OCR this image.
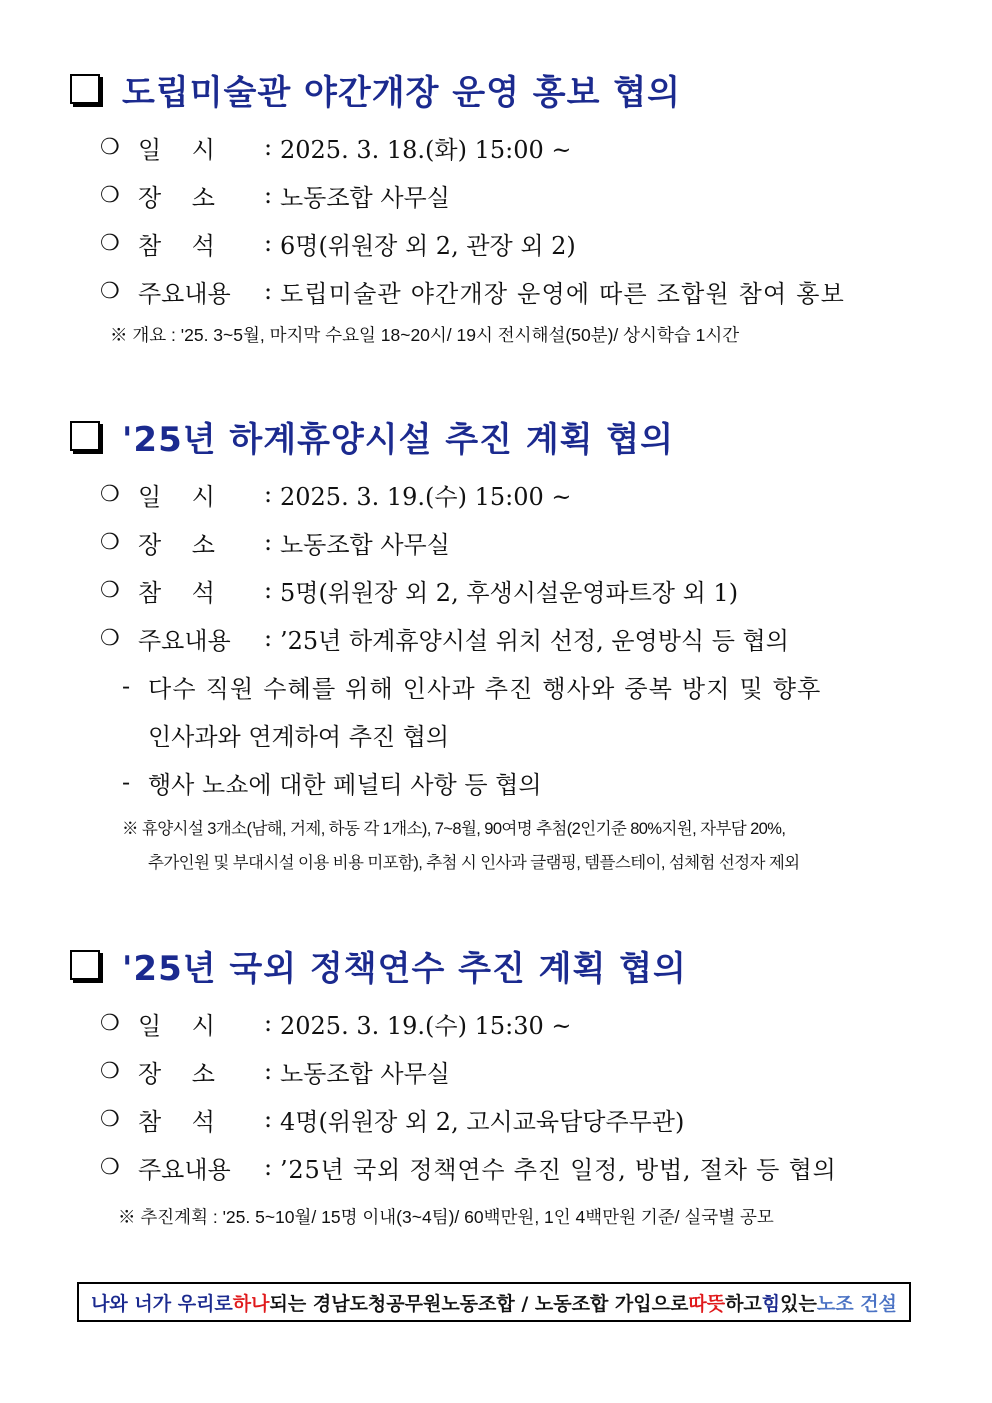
도립미술관 야간개장 운영 홍보 협의
❍ 일    시	: 2025. 3. 18.(화) 15:00 ~
❍ 장    소	: 노동조합 사무실
❍ 참    석	: 6명(위원장 외 2, 관장 외 2)
❍ 주요내용	: 도립미술관 야간개장 운영에 따른 조합원 참여 홍보
※ 개요 : '25. 3~5월, 마지막 수요일 18~20시/ 19시 전시해설(50분)/ 상시학습 1시간
'25년 하계휴양시설 추진 계획 협의
❍ 일    시	: 2025. 3. 19.(수) 15:00 ~
❍ 장    소	: 노동조합 사무실
❍ 참    석	: 5명(위원장 외 2, 후생시설운영파트장 외 1)
❍ 주요내용	: ’25년 하계휴양시설 위치 선정, 운영방식 등 협의
- 다수 직원 수혜를 위해 인사과 추진 행사와 중복 방지 및 향후
인사과와 연계하여 추진 협의
- 행사 노쇼에 대한 페널티 사항 등 협의
※ 휴양시설 3개소(남해, 거제, 하동 각 1개소), 7~8월, 90여명 추첨(2인기준 80%지원, 자부담 20%,
추가인원 및 부대시설 이용 비용 미포함), 추첨 시 인사과 글램핑, 템플스테이, 섬체험 선정자 제외
'25년 국외 정책연수 추진 계획 협의
❍ 일    시	: 2025. 3. 19.(수) 15:30 ~
❍ 장    소	: 노동조합 사무실
❍ 참    석	: 4명(위원장 외 2, 고시교육담당주무관)
❍ 주요내용	: ’25년 국외 정책연수 추진 일정, 방법, 절차 등 협의
※ 추진계획 : '25. 5~10월/ 15명 이내(3~4팀)/ 60백만원, 1인 4백만원 기준/ 실국별 공모
나와 너가 우리로 하나 되는 경남도청공무원노동조합 / 노동조합 가입으로 따뜻 하고 힘 있는 노조 건설
